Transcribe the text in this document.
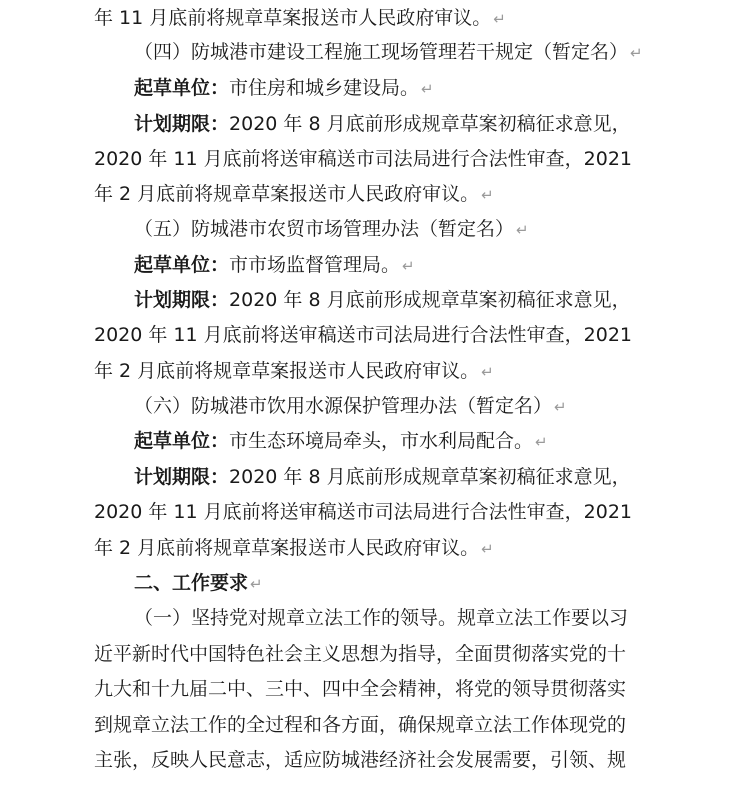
年 11 月底前将规章草案报送市人民政府审议。 ↵
（四）防城港市建设工程施工现场管理若干规定（暂定名） ↵
起草单位：市住房和城乡建设局。 ↵
计划期限：2020 年 8 月底前形成规章草案初稿征求意见，
2020 年 11 月底前将送审稿送市司法局进行合法性审查，2021
年 2 月底前将规章草案报送市人民政府审议。 ↵
（五）防城港市农贸市场管理办法（暂定名） ↵
起草单位：市市场监督管理局。 ↵
计划期限：2020 年 8 月底前形成规章草案初稿征求意见，
2020 年 11 月底前将送审稿送市司法局进行合法性审查，2021
年 2 月底前将规章草案报送市人民政府审议。 ↵
（六）防城港市饮用水源保护管理办法（暂定名） ↵
起草单位：市生态环境局牵头，市水利局配合。 ↵
计划期限：2020 年 8 月底前形成规章草案初稿征求意见，
2020 年 11 月底前将送审稿送市司法局进行合法性审查，2021
年 2 月底前将规章草案报送市人民政府审议。 ↵
二、工作要求 ↵
（一）坚持党对规章立法工作的领导。规章立法工作要以习
近平新时代中国特色社会主义思想为指导，全面贯彻落实党的十
九大和十九届二中、三中、四中全会精神，将党的领导贯彻落实
到规章立法工作的全过程和各方面，确保规章立法工作体现党的
主张，反映人民意志，适应防城港经济社会发展需要，引领、规
